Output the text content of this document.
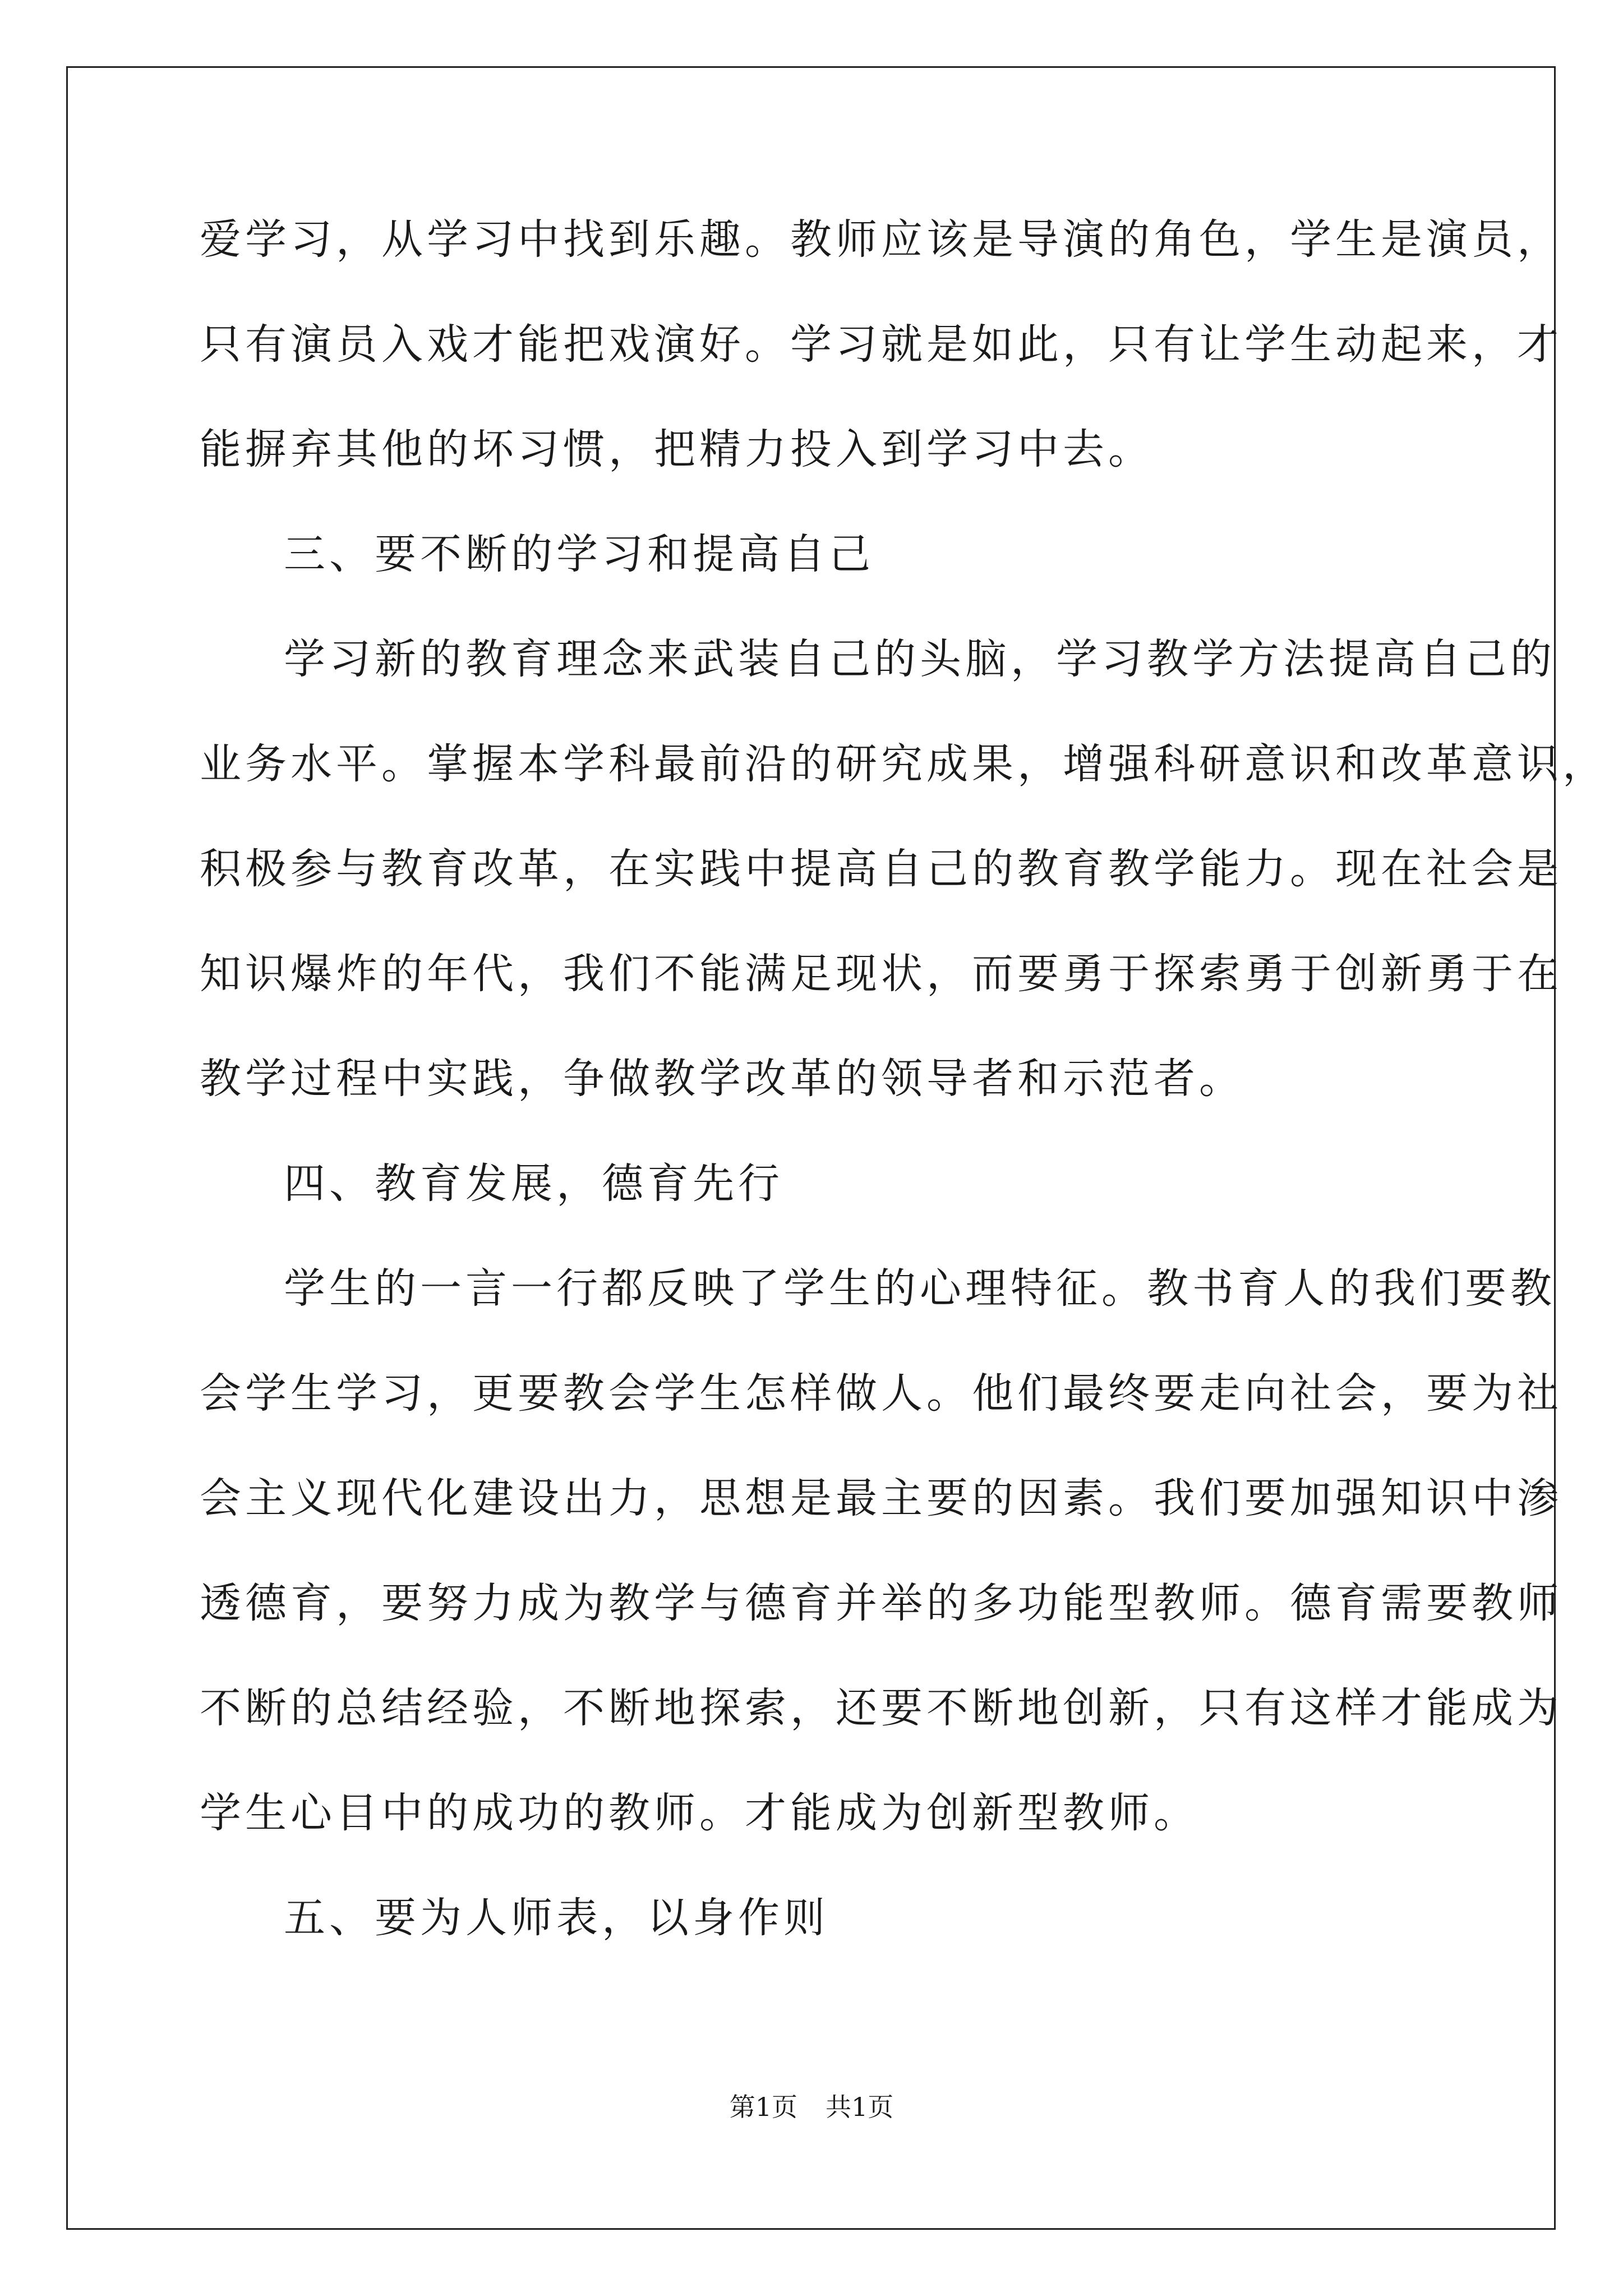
爱学习，从学习中找到乐趣。教师应该是导演的角色，学生是演员，
只有演员入戏才能把戏演好。学习就是如此，只有让学生动起来，才
能摒弃其他的坏习惯，把精力投入到学习中去。
三、要不断的学习和提高自己
学习新的教育理念来武装自己的头脑，学习教学方法提高自己的
业务水平。掌握本学科最前沿的研究成果，增强科研意识和改革意识，
积极参与教育改革，在实践中提高自己的教育教学能力。现在社会是
知识爆炸的年代，我们不能满足现状，而要勇于探索勇于创新勇于在
教学过程中实践，争做教学改革的领导者和示范者。
四、教育发展，德育先行
学生的一言一行都反映了学生的心理特征。教书育人的我们要教
会学生学习，更要教会学生怎样做人。他们最终要走向社会，要为社
会主义现代化建设出力，思想是最主要的因素。我们要加强知识中渗
透德育，要努力成为教学与德育并举的多功能型教师。德育需要教师
不断的总结经验，不断地探索，还要不断地创新，只有这样才能成为
学生心目中的成功的教师。才能成为创新型教师。
五、要为人师表，以身作则
第1页 共1页
